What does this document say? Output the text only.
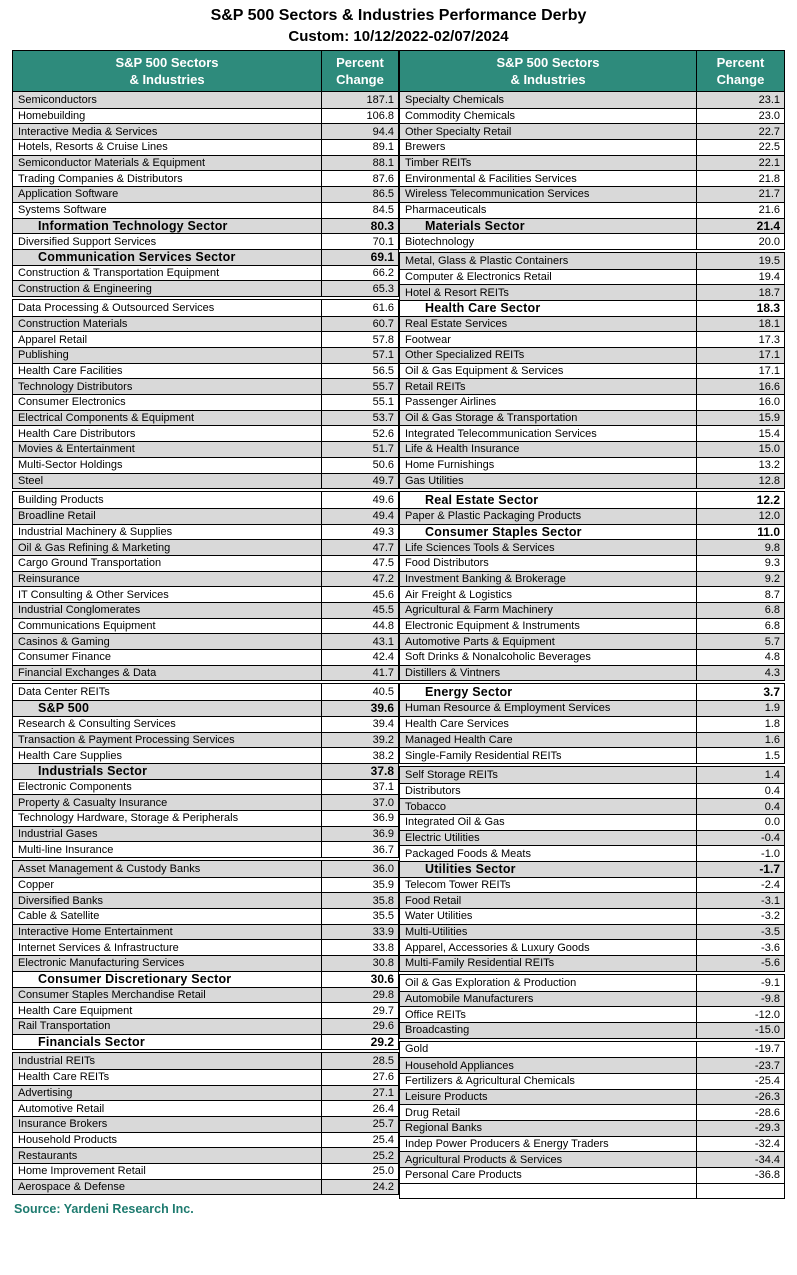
S&P 500 Sectors & Industries Performance Derby
Custom: 10/12/2022-02/07/2024
S&P 500 Sectors
& Industries
Percent
Change
Semiconductors	187.1
Homebuilding	106.8
Interactive Media & Services	94.4
Hotels, Resorts & Cruise Lines	89.1
Semiconductor Materials & Equipment	88.1
Trading Companies & Distributors	87.6
Application Software	86.5
Systems Software	84.5
Information Technology Sector	80.3
Diversified Support Services	70.1
Communication Services Sector	69.1
Construction & Transportation Equipment	66.2
Construction & Engineering	65.3
Data Processing & Outsourced Services	61.6
Construction Materials	60.7
Apparel Retail	57.8
Publishing	57.1
Health Care Facilities	56.5
Technology Distributors	55.7
Consumer Electronics	55.1
Electrical Components & Equipment	53.7
Health Care Distributors	52.6
Movies & Entertainment	51.7
Multi-Sector Holdings	50.6
Steel	49.7
Building Products	49.6
Broadline Retail	49.4
Industrial Machinery & Supplies	49.3
Oil & Gas Refining & Marketing	47.7
Cargo Ground Transportation	47.5
Reinsurance	47.2
IT Consulting & Other Services	45.6
Industrial Conglomerates	45.5
Communications Equipment	44.8
Casinos & Gaming	43.1
Consumer Finance	42.4
Financial Exchanges & Data	41.7
Data Center REITs	40.5
S&P 500	39.6
Research & Consulting Services	39.4
Transaction & Payment Processing Services	39.2
Health Care Supplies	38.2
Industrials Sector	37.8
Electronic Components	37.1
Property & Casualty Insurance	37.0
Technology Hardware, Storage & Peripherals	36.9
Industrial Gases	36.9
Multi-line Insurance	36.7
Asset Management & Custody Banks	36.0
Copper	35.9
Diversified Banks	35.8
Cable & Satellite	35.5
Interactive Home Entertainment	33.9
Internet Services & Infrastructure	33.8
Electronic Manufacturing Services	30.8
Consumer Discretionary Sector	30.6
Consumer Staples Merchandise Retail	29.8
Health Care Equipment	29.7
Rail Transportation	29.6
Financials Sector	29.2
Industrial REITs	28.5
Health Care REITs	27.6
Advertising	27.1
Automotive Retail	26.4
Insurance Brokers	25.7
Household Products	25.4
Restaurants	25.2
Home Improvement Retail	25.0
Aerospace & Defense	24.2
S&P 500 Sectors
& Industries
Percent
Change
Specialty Chemicals	23.1
Commodity Chemicals	23.0
Other Specialty Retail	22.7
Brewers	22.5
Timber REITs	22.1
Environmental & Facilities Services	21.8
Wireless Telecommunication Services	21.7
Pharmaceuticals	21.6
Materials Sector	21.4
Biotechnology	20.0
Metal, Glass & Plastic Containers	19.5
Computer & Electronics Retail	19.4
Hotel & Resort REITs	18.7
Health Care Sector	18.3
Real Estate Services	18.1
Footwear	17.3
Other Specialized REITs	17.1
Oil & Gas Equipment & Services	17.1
Retail REITs	16.6
Passenger Airlines	16.0
Oil & Gas Storage & Transportation	15.9
Integrated Telecommunication Services	15.4
Life & Health Insurance	15.0
Home Furnishings	13.2
Gas Utilities	12.8
Real Estate Sector	12.2
Paper & Plastic Packaging Products	12.0
Consumer Staples Sector	11.0
Life Sciences Tools & Services	9.8
Food Distributors	9.3
Investment Banking & Brokerage	9.2
Air Freight & Logistics	8.7
Agricultural & Farm Machinery	6.8
Electronic Equipment & Instruments	6.8
Automotive Parts & Equipment	5.7
Soft Drinks & Nonalcoholic Beverages	4.8
Distillers & Vintners	4.3
Energy Sector	3.7
Human Resource & Employment Services	1.9
Health Care Services	1.8
Managed Health Care	1.6
Single-Family Residential REITs	1.5
Self Storage REITs	1.4
Distributors	0.4
Tobacco	0.4
Integrated Oil & Gas	0.0
Electric Utilities	-0.4
Packaged Foods & Meats	-1.0
Utilities Sector	-1.7
Telecom Tower REITs	-2.4
Food Retail	-3.1
Water Utilities	-3.2
Multi-Utilities	-3.5
Apparel, Accessories & Luxury Goods	-3.6
Multi-Family Residential REITs	-5.6
Oil & Gas Exploration & Production	-9.1
Automobile Manufacturers	-9.8
Office REITs	-12.0
Broadcasting	-15.0
Gold	-19.7
Household Appliances	-23.7
Fertilizers & Agricultural Chemicals	-25.4
Leisure Products	-26.3
Drug Retail	-28.6
Regional Banks	-29.3
Indep Power Producers & Energy Traders	-32.4
Agricultural Products & Services	-34.4
Personal Care Products	-36.8
Source: Yardeni Research Inc.
